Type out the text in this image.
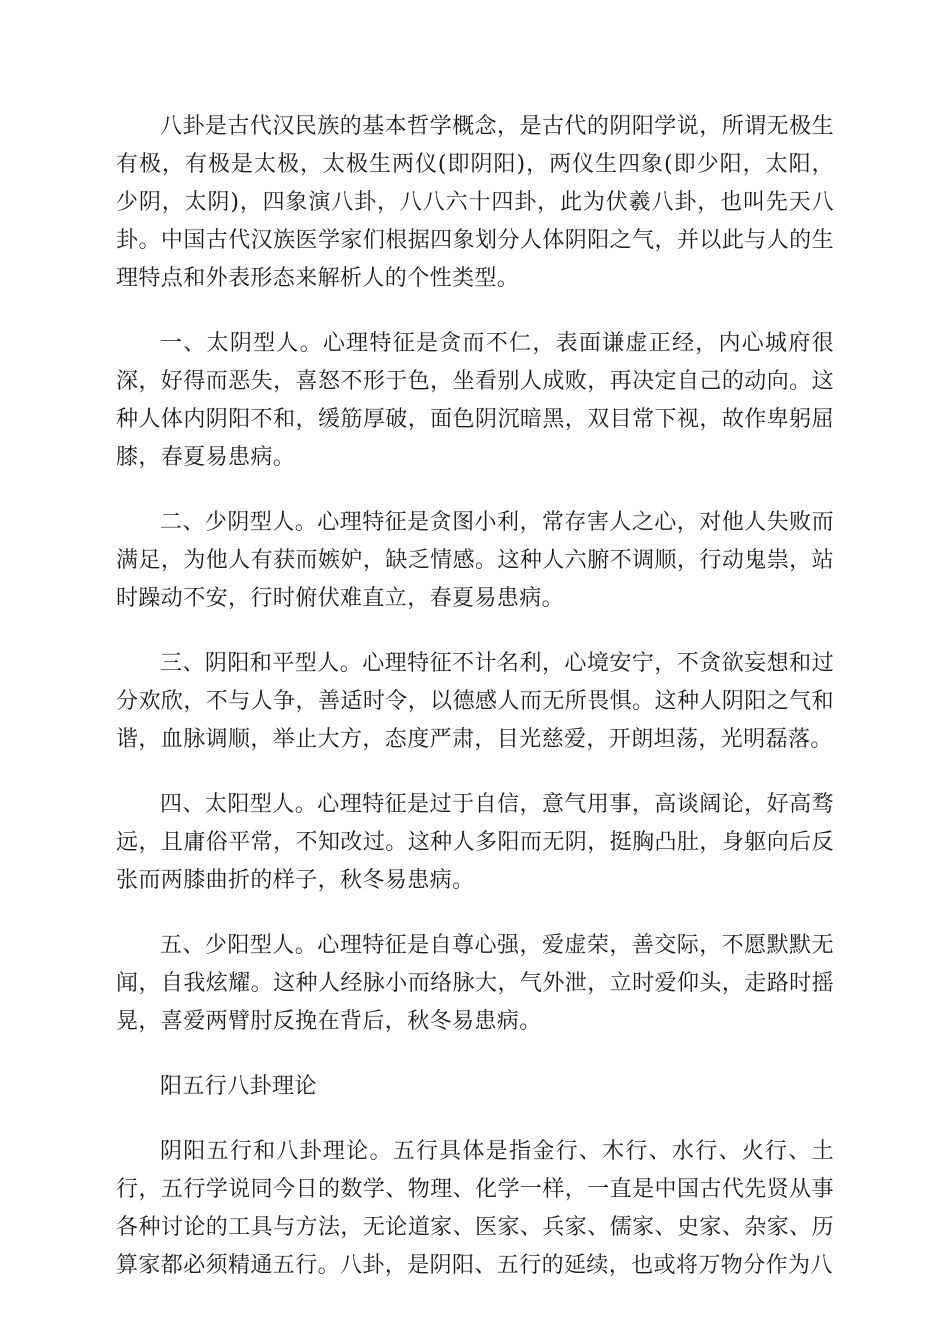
八卦是古代汉民族的基本哲学概念，是古代的阴阳学说，所谓无极生有极，有极是太极，太极生两仪(即阴阳)，两仪生四象(即少阳，太阳，少阴，太阴)，四象演八卦，八八六十四卦，此为伏羲八卦，也叫先天八卦。中国古代汉族医学家们根据四象划分人体阴阳之气，并以此与人的生理特点和外表形态来解析人的个性类型。

一、太阴型人。心理特征是贪而不仁，表面谦虚正经，内心城府很深，好得而恶失，喜怒不形于色，坐看别人成败，再决定自己的动向。这种人体内阴阳不和，缓筋厚破，面色阴沉暗黑，双目常下视，故作卑躬屈膝，春夏易患病。

二、少阴型人。心理特征是贪图小利，常存害人之心，对他人失败而满足，为他人有获而嫉妒，缺乏情感。这种人六腑不调顺，行动鬼祟，站时躁动不安，行时俯伏难直立，春夏易患病。

三、阴阳和平型人。心理特征不计名利，心境安宁，不贪欲妄想和过分欢欣，不与人争，善适时令，以德感人而无所畏惧。这种人阴阳之气和谐，血脉调顺，举止大方，态度严肃，目光慈爱，开朗坦荡，光明磊落。

四、太阳型人。心理特征是过于自信，意气用事，高谈阔论，好高骛远，且庸俗平常，不知改过。这种人多阳而无阴，挺胸凸肚，身躯向后反张而两膝曲折的样子，秋冬易患病。

五、少阳型人。心理特征是自尊心强，爱虚荣，善交际，不愿默默无闻，自我炫耀。这种人经脉小而络脉大，气外泄，立时爱仰头，走路时摇晃，喜爱两臂肘反挽在背后，秋冬易患病。

阳五行八卦理论

阴阳五行和八卦理论。五行具体是指金行、木行、水行、火行、土行，五行学说同今日的数学、物理、化学一样，一直是中国古代先贤从事各种讨论的工具与方法，无论道家、医家、兵家、儒家、史家、杂家、历算家都必须精通五行。八卦，是阴阳、五行的延续，也或将万物分作为八
